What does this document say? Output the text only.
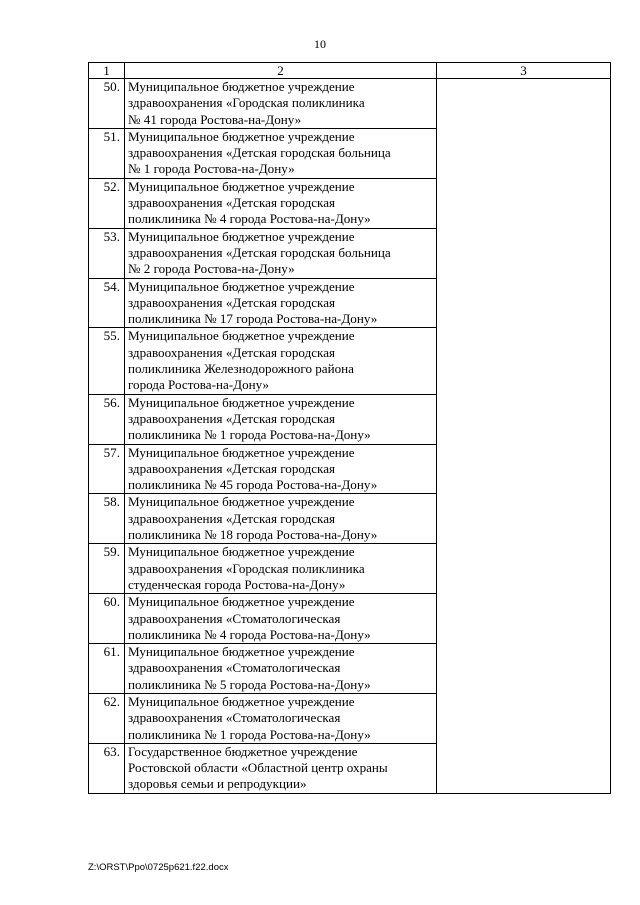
10
1	2	3
50.	Муниципальное бюджетное учреждение
здравоохранения «Городская поликлиника
№ 41 города Ростова-на-Дону»	

51.	Муниципальное бюджетное учреждение
здравоохранения «Детская городская больница
№ 1 города Ростова-на-Дону»	

52.	Муниципальное бюджетное учреждение
здравоохранения «Детская городская
поликлиника № 4 города Ростова-на-Дону»	

53.	Муниципальное бюджетное учреждение
здравоохранения «Детская городская больница
№ 2 города Ростова-на-Дону»	

54.	Муниципальное бюджетное учреждение
здравоохранения «Детская городская
поликлиника № 17 города Ростова-на-Дону»	

55.	Муниципальное бюджетное учреждение
здравоохранения «Детская городская
поликлиника Железнодорожного района
города Ростова-на-Дону»	

56.	Муниципальное бюджетное учреждение
здравоохранения «Детская городская
поликлиника № 1 города Ростова-на-Дону»	

57.	Муниципальное бюджетное учреждение
здравоохранения «Детская городская
поликлиника № 45 города Ростова-на-Дону»	

58.	Муниципальное бюджетное учреждение
здравоохранения «Детская городская
поликлиника № 18 города Ростова-на-Дону»	

59.	Муниципальное бюджетное учреждение
здравоохранения «Городская поликлиника
студенческая города Ростова-на-Дону»	

60.	Муниципальное бюджетное учреждение
здравоохранения «Стоматологическая
поликлиника № 4 города Ростова-на-Дону»	

61.	Муниципальное бюджетное учреждение
здравоохранения «Стоматологическая
поликлиника № 5 города Ростова-на-Дону»	

62.	Муниципальное бюджетное учреждение
здравоохранения «Стоматологическая
поликлиника № 1 города Ростова-на-Дону»	

63.	Государственное бюджетное учреждение
Ростовской области «Областной центр охраны
здоровья семьи и репродукции»	
Z:\ORST\Ppo\0725p621.f22.docx
